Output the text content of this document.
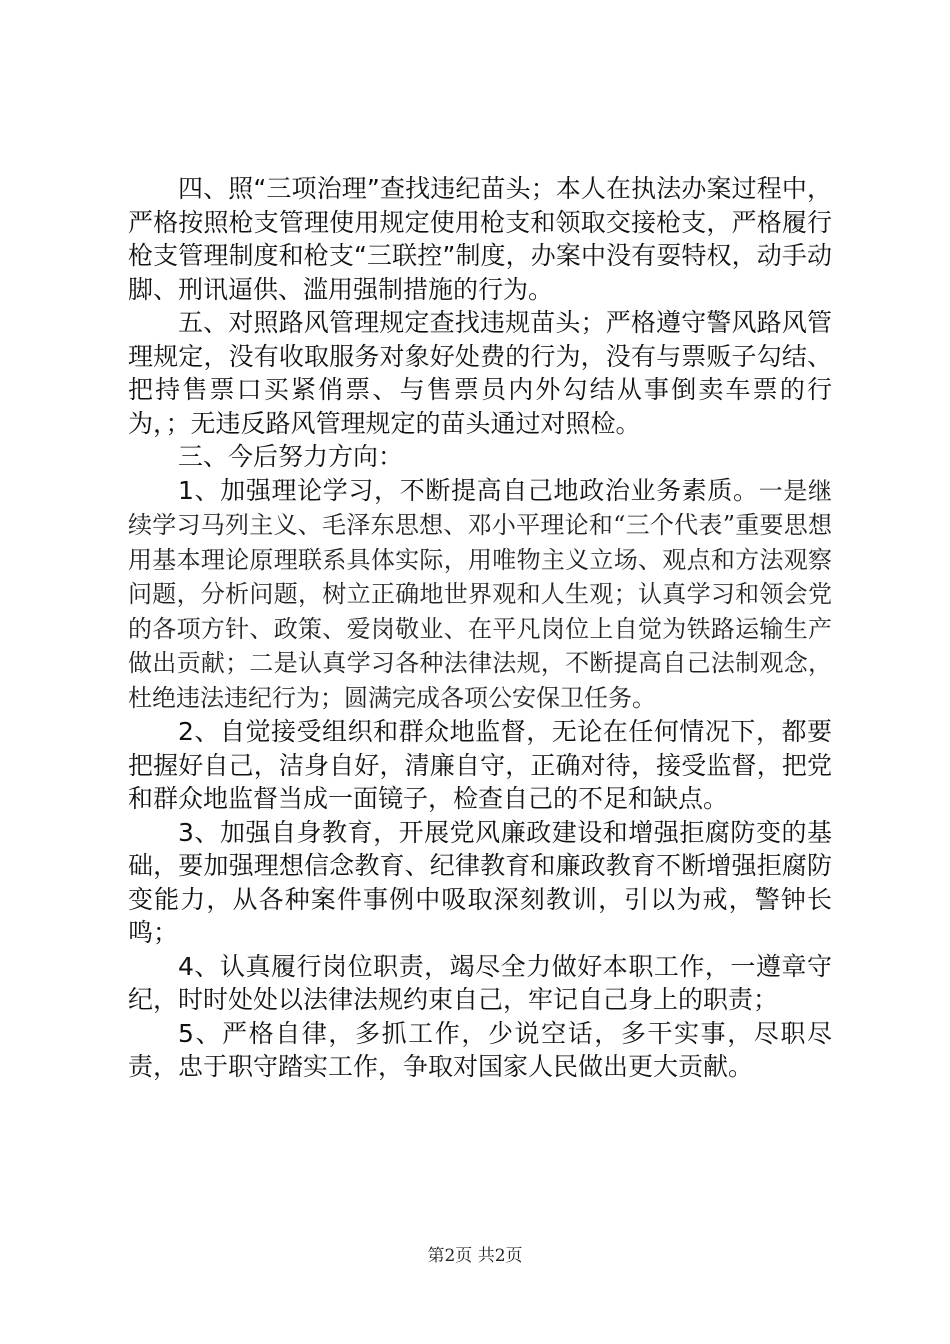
四、照“三项治理”查找违纪苗头；本人在执法办案过程中，严格按照枪支管理使用规定使用枪支和领取交接枪支，严格履行枪支管理制度和枪支“三联控”制度，办案中没有耍特权，动手动脚、刑讯逼供、滥用强制措施的行为。

五、对照路风管理规定查找违规苗头；严格遵守警风路风管理规定，没有收取服务对象好处费的行为，没有与票贩子勾结、把持售票口买紧俏票、与售票员内外勾结从事倒卖车票的行为，；无违反路风管理规定的苗头通过对照检。

三、今后努力方向：

1、加强理论学习，不断提高自己地政治业务素质。一是继续学习马列主义、毛泽东思想、邓小平理论和“三个代表”重要思想用基本理论原理联系具体实际，用唯物主义立场、观点和方法观察问题，分析问题，树立正确地世界观和人生观；认真学习和领会党的各项方针、政策、爱岗敬业、在平凡岗位上自觉为铁路运输生产做出贡献；二是认真学习各种法律法规，不断提高自己法制观念，杜绝违法违纪行为；圆满完成各项公安保卫任务。

2、自觉接受组织和群众地监督，无论在任何情况下，都要把握好自己，洁身自好，清廉自守，正确对待，接受监督，把党和群众地监督当成一面镜子，检查自己的不足和缺点。

3、加强自身教育，开展党风廉政建设和增强拒腐防变的基础，要加强理想信念教育、纪律教育和廉政教育不断增强拒腐防变能力，从各种案件事例中吸取深刻教训，引以为戒，警钟长鸣；

4、认真履行岗位职责，竭尽全力做好本职工作，一遵章守纪，时时处处以法律法规约束自己，牢记自己身上的职责；

5、严格自律，多抓工作，少说空话，多干实事，尽职尽责，忠于职守踏实工作，争取对国家人民做出更大贡献。

第2页 共2页
